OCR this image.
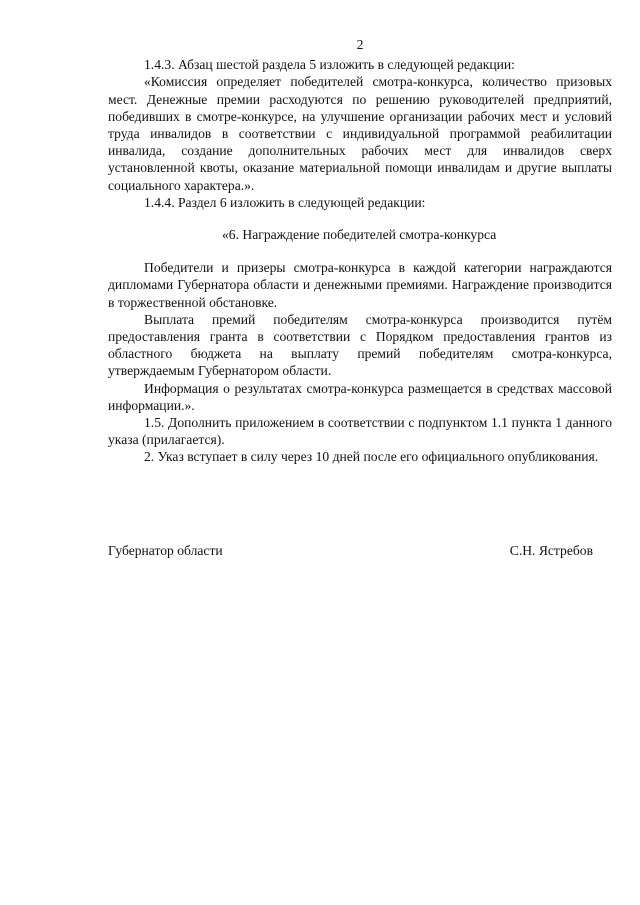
2

1.4.3. Абзац шестой раздела 5 изложить в следующей редакции:

«Комиссия определяет победителей смотра-конкурса, количество призовых мест. Денежные премии расходуются по решению руководителей предприятий, победивших в смотре-конкурсе, на улучшение организации рабочих мест и условий труда инвалидов в соответствии с индивидуальной программой реабилитации инвалида, создание дополнительных рабочих мест для инвалидов сверх установленной квоты, оказание материальной помощи инвалидам и другие выплаты социального характера.».

1.4.4. Раздел 6 изложить в следующей редакции:

«6. Награждение победителей смотра-конкурса

Победители и призеры смотра-конкурса в каждой категории награждаются дипломами Губернатора области и денежными премиями. Награждение производится в торжественной обстановке.

Выплата премий победителям смотра-конкурса производится путём предоставления гранта в соответствии с Порядком предоставления грантов из областного бюджета на выплату премий победителям смотра-конкурса, утверждаемым Губернатором области.

Информация о результатах смотра-конкурса размещается в средствах массовой информации.».

1.5. Дополнить приложением в соответствии с подпунктом 1.1 пункта 1 данного указа (прилагается).

2. Указ вступает в силу через 10 дней после его официального опубликования.

Губернатор области	С.Н. Ястребов
